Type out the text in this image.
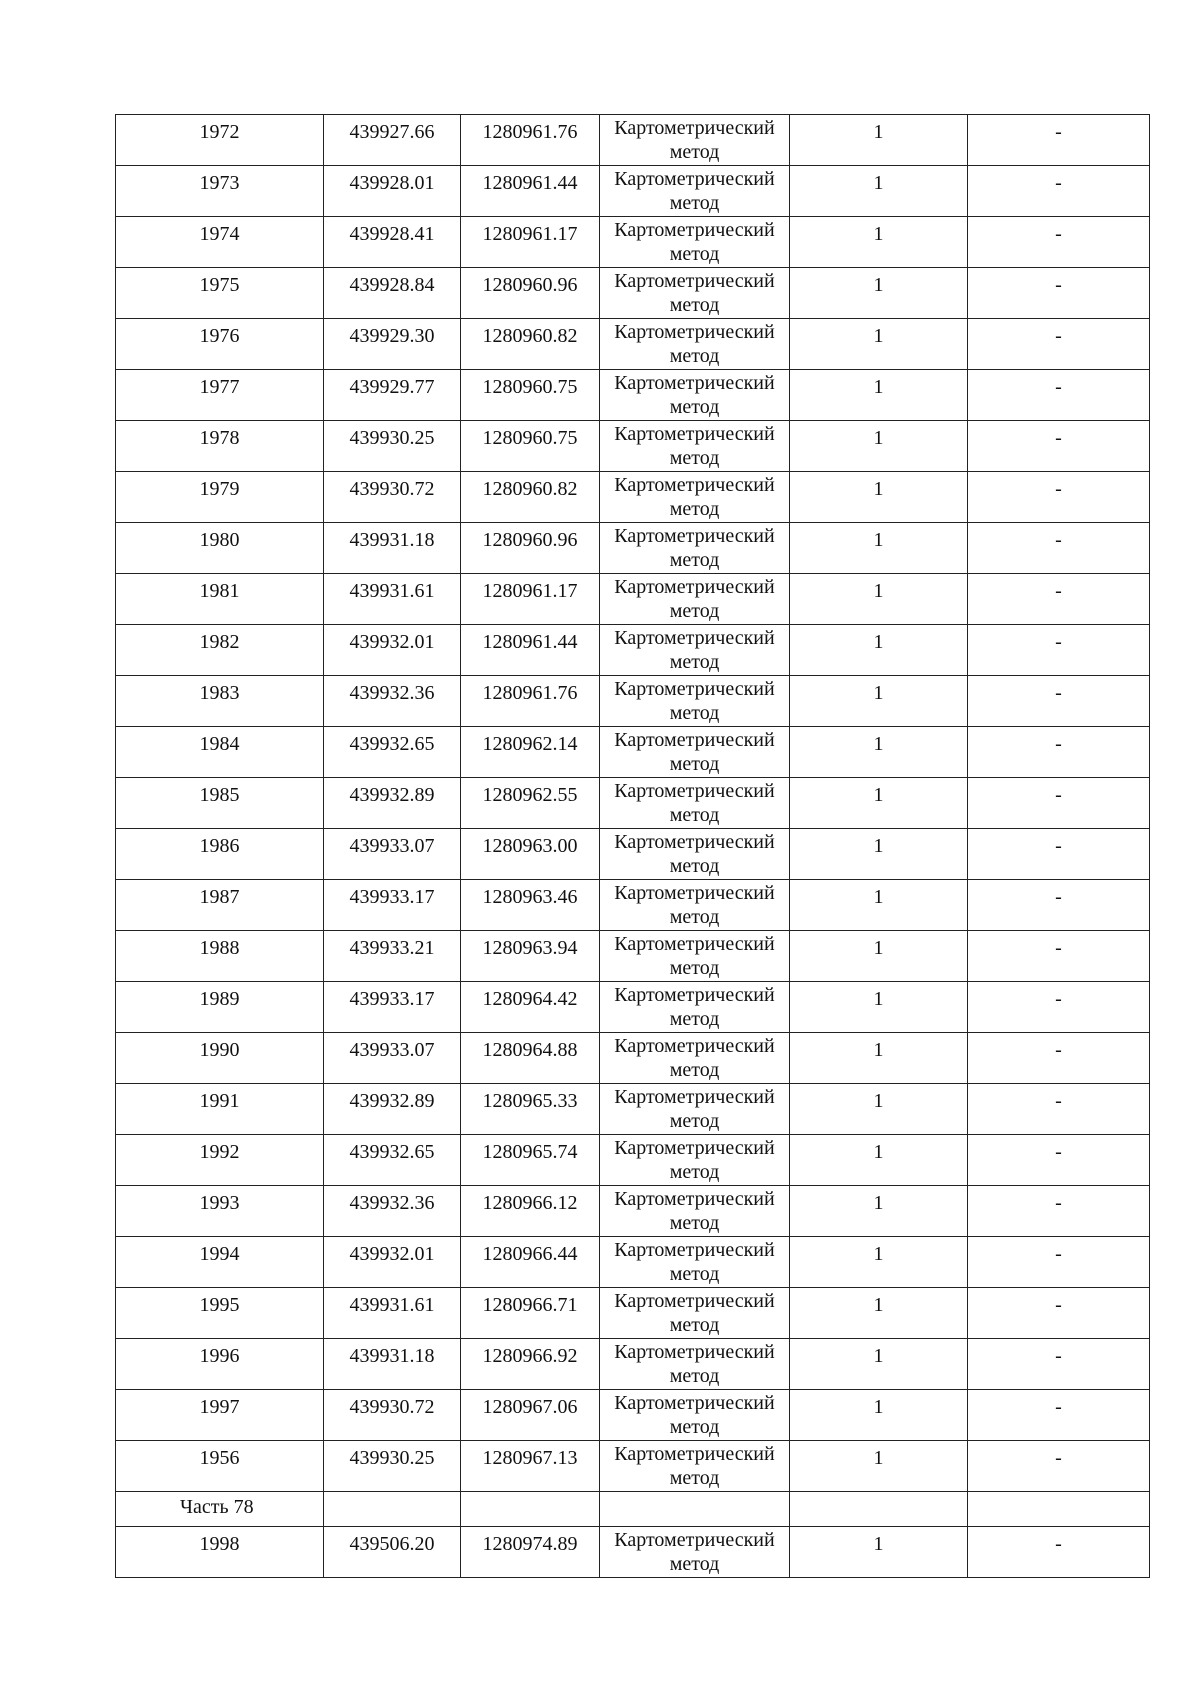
1972	439927.66	1280961.76	Картометрический метод	1	-
1973	439928.01	1280961.44	Картометрический метод	1	-
1974	439928.41	1280961.17	Картометрический метод	1	-
1975	439928.84	1280960.96	Картометрический метод	1	-
1976	439929.30	1280960.82	Картометрический метод	1	-
1977	439929.77	1280960.75	Картометрический метод	1	-
1978	439930.25	1280960.75	Картометрический метод	1	-
1979	439930.72	1280960.82	Картометрический метод	1	-
1980	439931.18	1280960.96	Картометрический метод	1	-
1981	439931.61	1280961.17	Картометрический метод	1	-
1982	439932.01	1280961.44	Картометрический метод	1	-
1983	439932.36	1280961.76	Картометрический метод	1	-
1984	439932.65	1280962.14	Картометрический метод	1	-
1985	439932.89	1280962.55	Картометрический метод	1	-
1986	439933.07	1280963.00	Картометрический метод	1	-
1987	439933.17	1280963.46	Картометрический метод	1	-
1988	439933.21	1280963.94	Картометрический метод	1	-
1989	439933.17	1280964.42	Картометрический метод	1	-
1990	439933.07	1280964.88	Картометрический метод	1	-
1991	439932.89	1280965.33	Картометрический метод	1	-
1992	439932.65	1280965.74	Картометрический метод	1	-
1993	439932.36	1280966.12	Картометрический метод	1	-
1994	439932.01	1280966.44	Картометрический метод	1	-
1995	439931.61	1280966.71	Картометрический метод	1	-
1996	439931.18	1280966.92	Картометрический метод	1	-
1997	439930.72	1280967.06	Картометрический метод	1	-
1956	439930.25	1280967.13	Картометрический метод	1	-
Часть 78					
1998	439506.20	1280974.89	Картометрический метод	1	-
